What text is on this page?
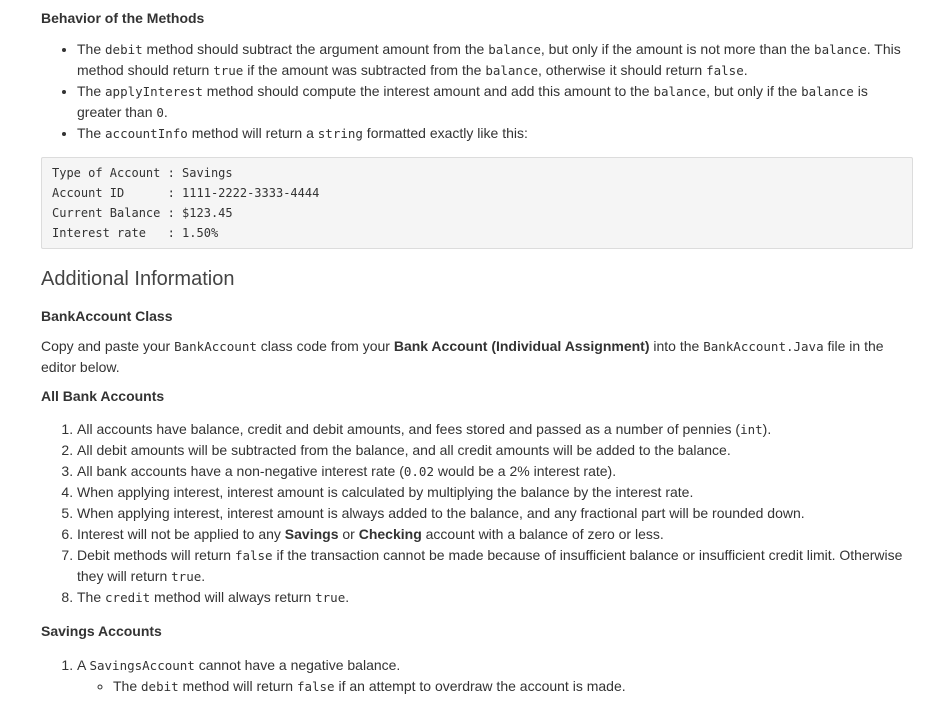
Behavior of the Methods
• The debit method should subtract the argument amount from the balance, but only if the amount is not more than the balance. This method should return true if the amount was subtracted from the balance, otherwise it should return false.
• The applyInterest method should compute the interest amount and add this amount to the balance, but only if the balance is greater than 0.
• The accountInfo method will return a string formatted exactly like this:
Type of Account : Savings
Account ID      : 1111-2222-3333-4444
Current Balance : $123.45
Interest rate   : 1.50%
Additional Information
BankAccount Class

Copy and paste your BankAccount class code from your Bank Account (Individual Assignment) into the BankAccount.Java file in the editor below.

All Bank Accounts
1. All accounts have balance, credit and debit amounts, and fees stored and passed as a number of pennies (int).
2. All debit amounts will be subtracted from the balance, and all credit amounts will be added to the balance.
3. All bank accounts have a non-negative interest rate (0.02 would be a 2% interest rate).
4. When applying interest, interest amount is calculated by multiplying the balance by the interest rate.
5. When applying interest, interest amount is always added to the balance, and any fractional part will be rounded down.
6. Interest will not be applied to any Savings or Checking account with a balance of zero or less.
7. Debit methods will return false if the transaction cannot be made because of insufficient balance or insufficient credit limit. Otherwise they will return true.
8. The credit method will always return true.
Savings Accounts
1. A SavingsAccount cannot have a negative balance.
◦ The debit method will return false if an attempt to overdraw the account is made.
